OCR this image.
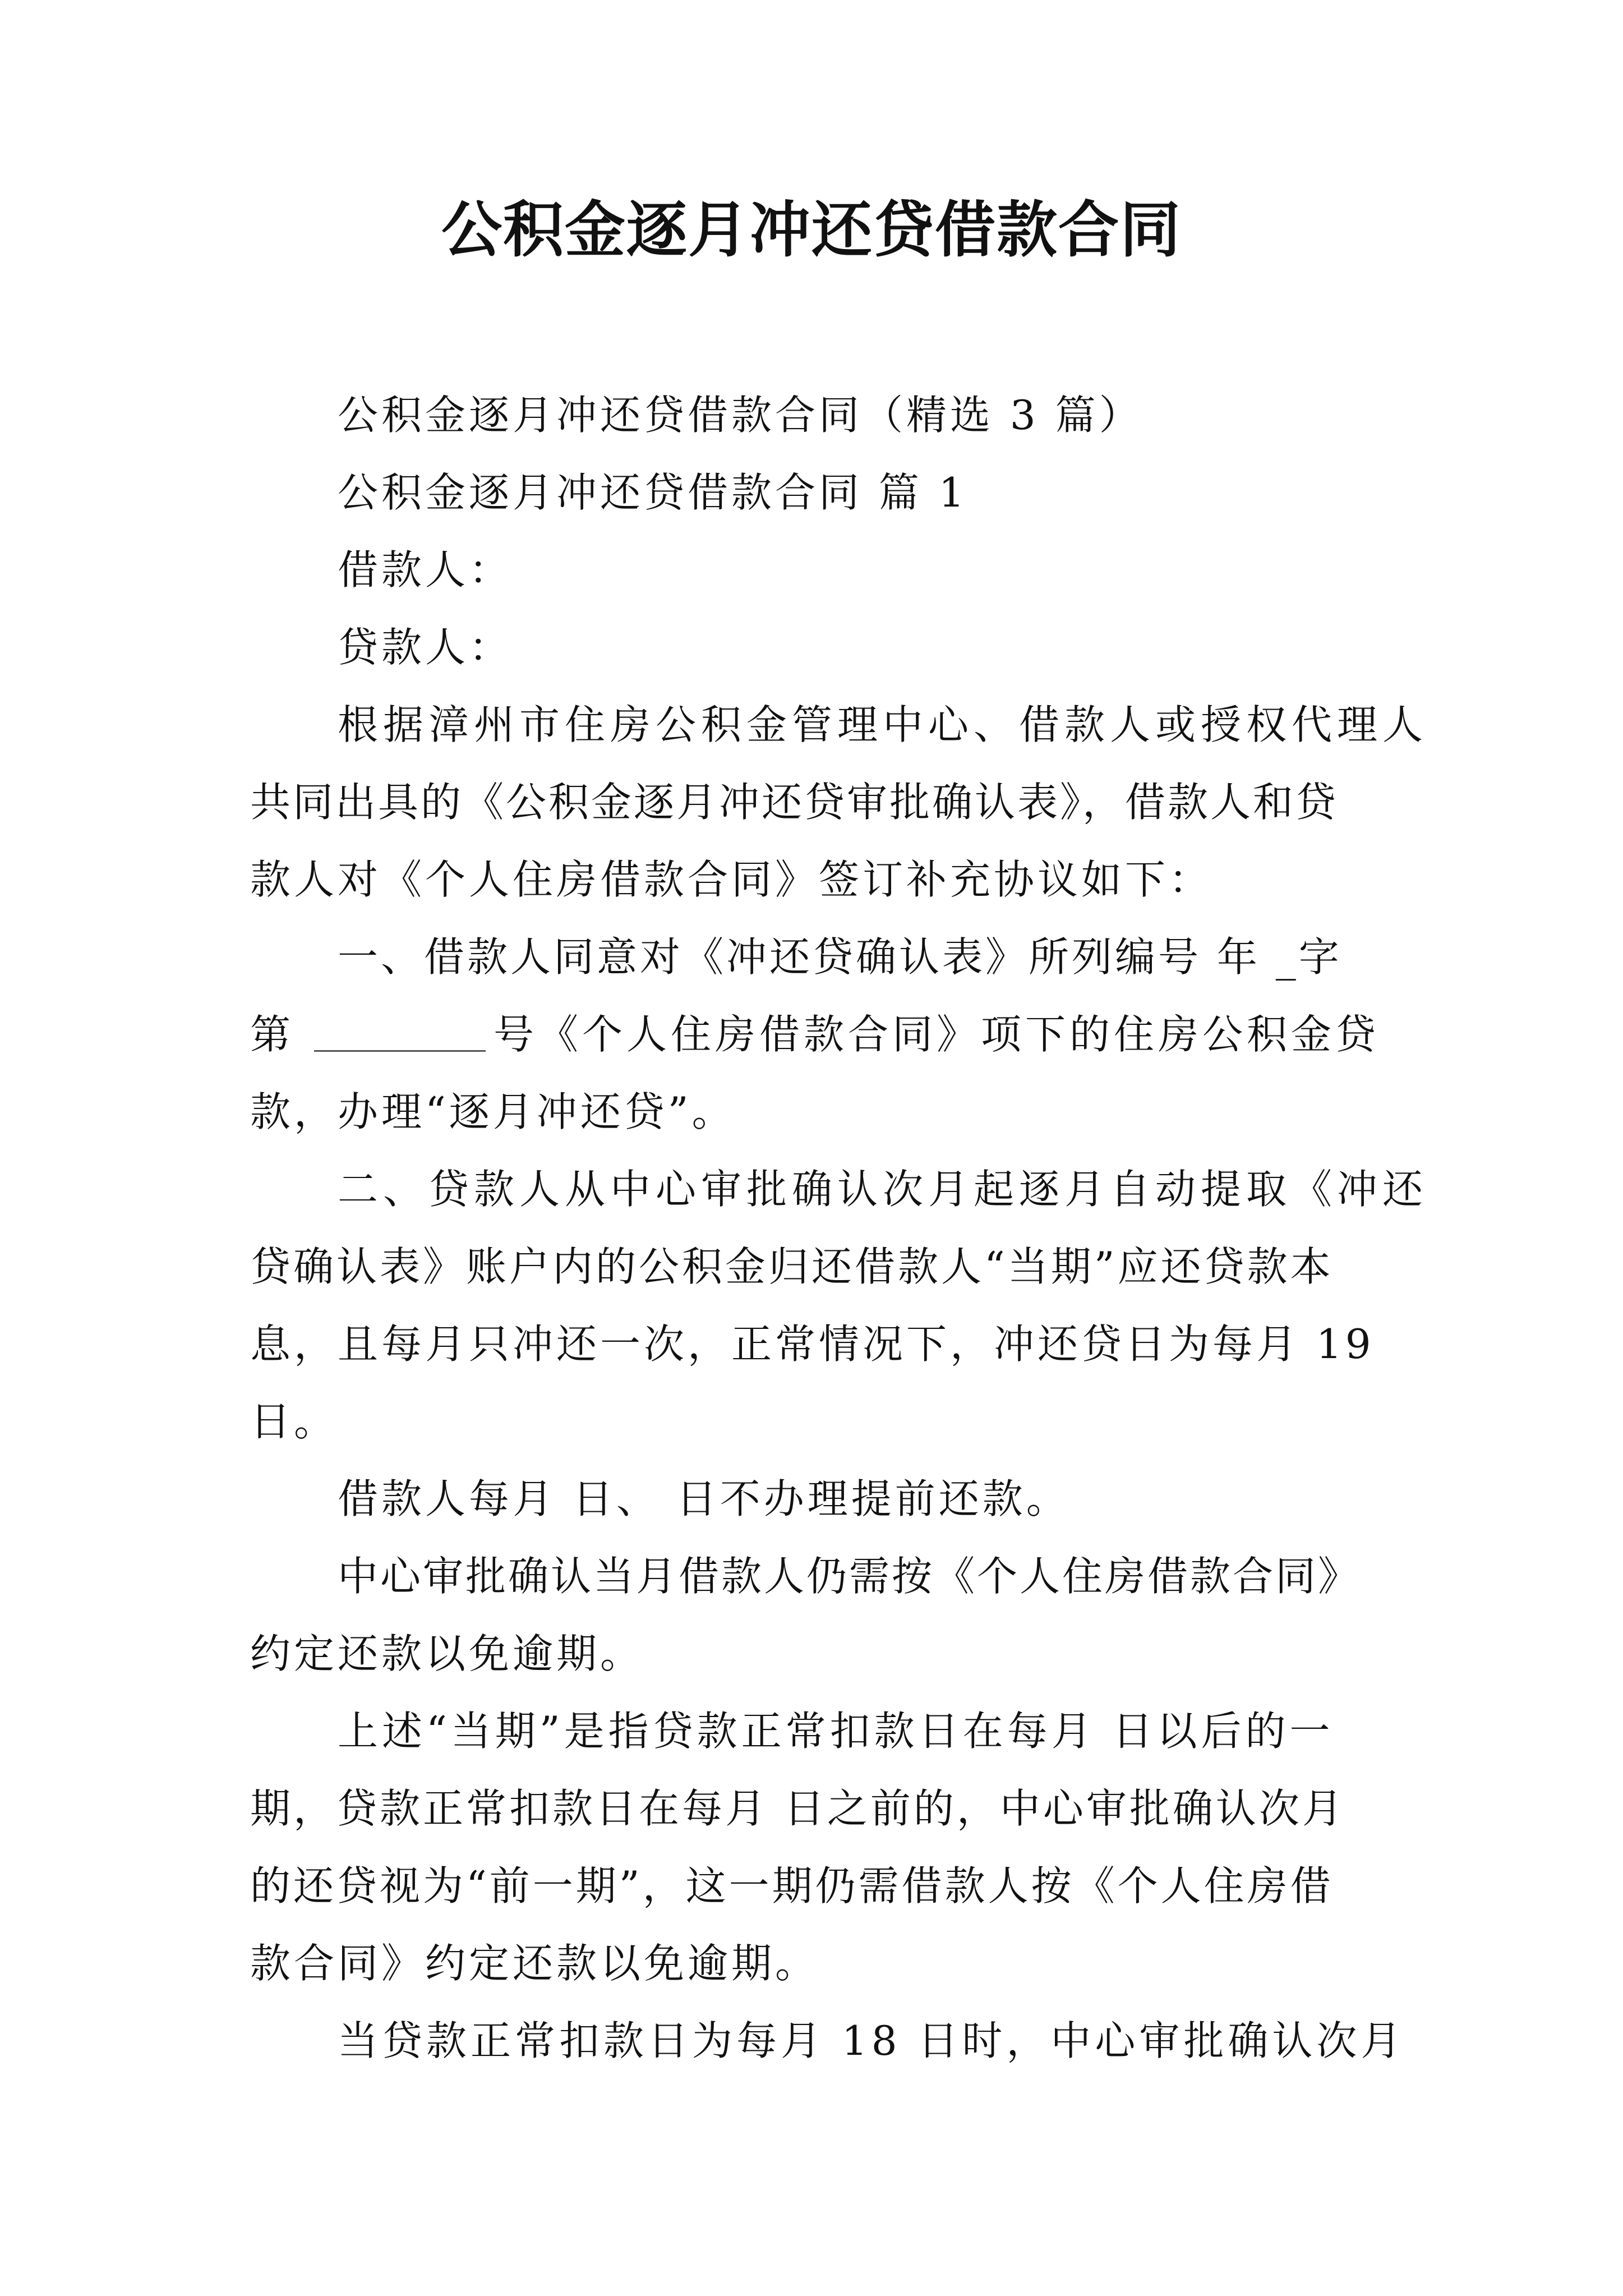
公积金逐月冲还贷借款合同

公积金逐月冲还贷借款合同（精选 3 篇）

公积金逐月冲还贷借款合同 篇 1

借款人：

贷款人：

根据漳州市住房公积金管理中心、借款人或授权代理人

共同出具的《公积金逐月冲还贷审批确认表》，借款人和贷

款人对《个人住房借款合同》签订补充协议如下：

一、借款人同意对《冲还贷确认表》所列编号 年 _字

第	号《个人住房借款合同》项下的住房公积金贷

款，办理“逐月冲还贷”。

二、贷款人从中心审批确认次月起逐月自动提取《冲还

贷确认表》账户内的公积金归还借款人“当期”应还贷款本

息，且每月只冲还一次，正常情况下，冲还贷日为每月 19

日。

借款人每月 日、 日不办理提前还款。

中心审批确认当月借款人仍需按《个人住房借款合同》

约定还款以免逾期。

上述“当期”是指贷款正常扣款日在每月 日以后的一

期，贷款正常扣款日在每月 日之前的，中心审批确认次月

的还贷视为“前一期”，这一期仍需借款人按《个人住房借

款合同》约定还款以免逾期。

当贷款正常扣款日为每月 18 日时，中心审批确认次月
